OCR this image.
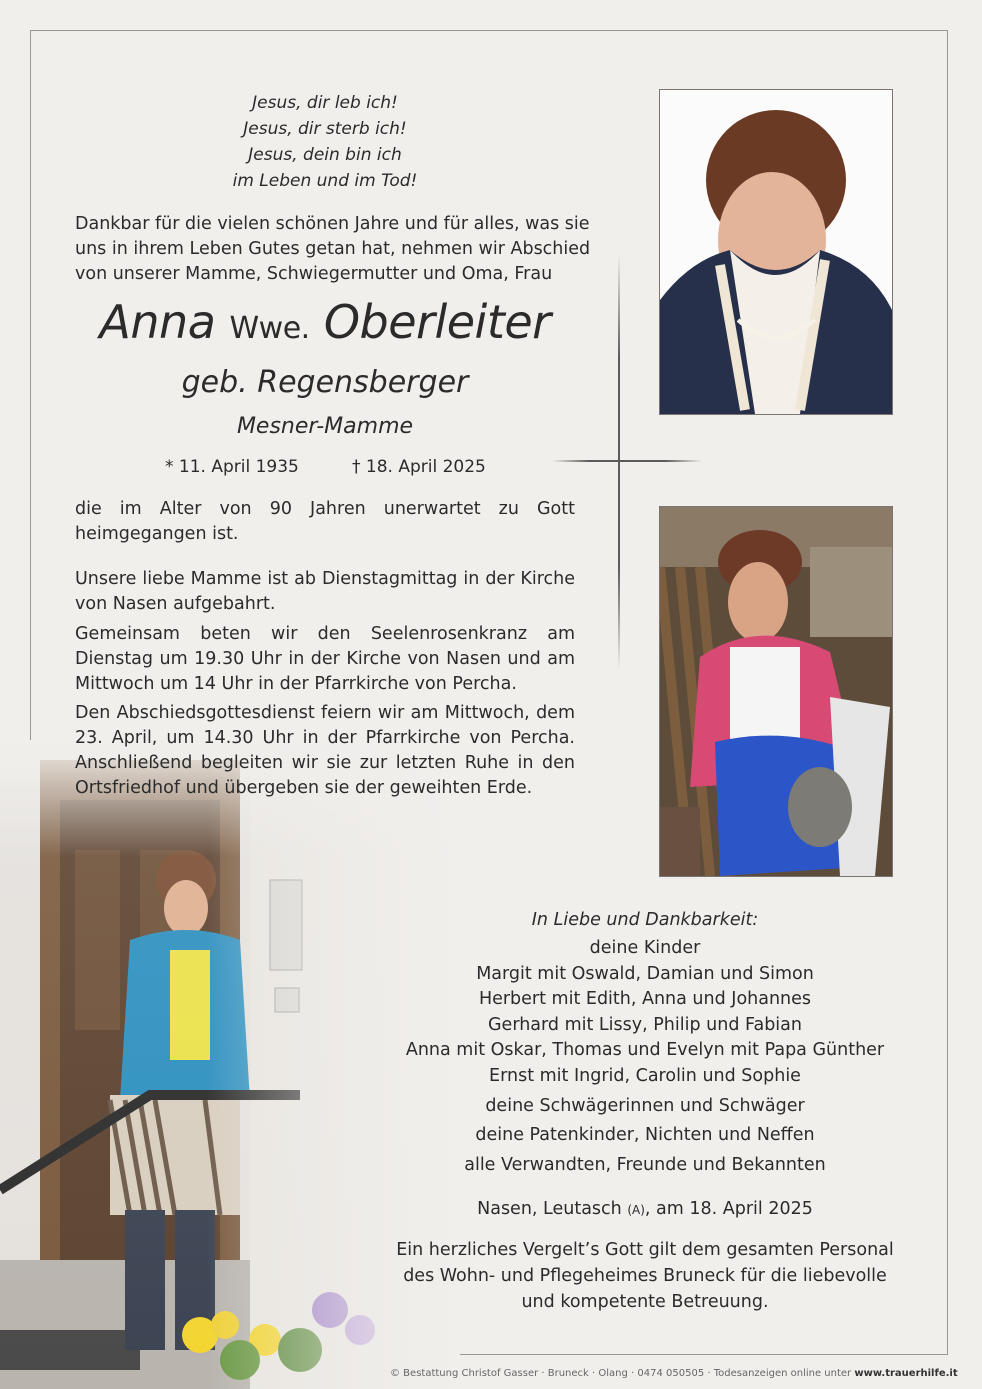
Jesus, dir leb ich!
Jesus, dir sterb ich!
Jesus, dein bin ich
im Leben und im Tod!
Dankbar für die vielen schönen Jahre und für alles, was sie
uns in ihrem Leben Gutes getan hat, nehmen wir Abschied
von unserer Mamme, Schwiegermutter und Oma, Frau
Anna Wwe. Oberleiter
geb. Regensberger
Mesner-Mamme
* 11. April 1935	† 18. April 2025
die im Alter von 90 Jahren unerwartet zu Gott heimgegangen ist.
Unsere liebe Mamme ist ab Dienstagmittag in der Kirche von Nasen aufgebahrt.
Gemeinsam beten wir den Seelenrosenkranz am Dienstag um 19.30 Uhr in der Kirche von Nasen und am Mittwoch um 14 Uhr in der Pfarrkirche von Percha.
Den Abschiedsgottesdienst feiern wir am Mittwoch, dem 23. April, um 14.30 Uhr in der Pfarrkirche von Percha. Anschließend begleiten wir sie zur letzten Ruhe in den Ortsfriedhof und übergeben sie der geweihten Erde.
In Liebe und Dankbarkeit:
deine Kinder
Margit mit Oswald, Damian und Simon
Herbert mit Edith, Anna und Johannes
Gerhard mit Lissy, Philip und Fabian
Anna mit Oskar, Thomas und Evelyn mit Papa Günther
Ernst mit Ingrid, Carolin und Sophie
deine Schwägerinnen und Schwäger
deine Patenkinder, Nichten und Neffen
alle Verwandten, Freunde und Bekannten
Nasen, Leutasch (A), am 18. April 2025
Ein herzliches Vergelt’s Gott gilt dem gesamten Personal
des Wohn- und Pflegeheimes Bruneck für die liebevolle
und kompetente Betreuung.
© Bestattung Christof Gasser · Bruneck · Olang · 0474 050505 · Todesanzeigen online unter www.trauerhilfe.it
